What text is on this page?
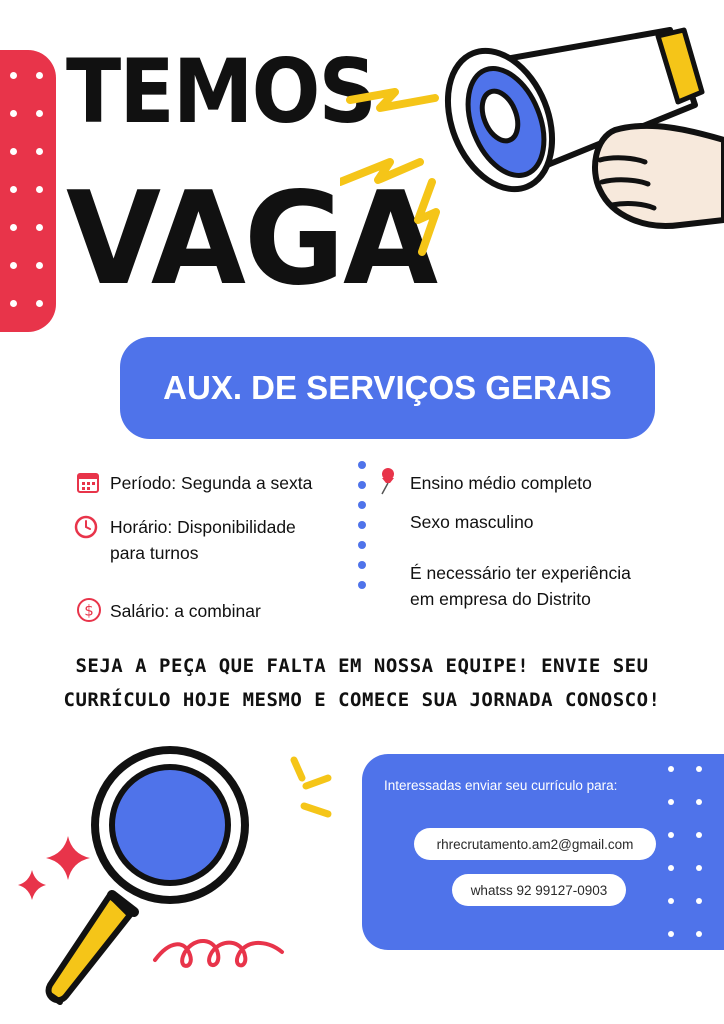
TEMOS
VAGA
AUX. DE SERVIÇOS GERAIS
Período: Segunda a sexta
Horário: Disponibilidade
para turnos
$ Salário: a combinar
Ensino médio completo
Sexo masculino
É necessário ter experiência
em empresa do Distrito
SEJA A PEÇA QUE FALTA EM NOSSA EQUIPE! ENVIE SEU
CURRÍCULO HOJE MESMO E COMECE SUA JORNADA CONOSCO!
Interessadas enviar seu currículo para:
rhrecrutamento.am2@gmail.com
whatss 92 99127-0903
